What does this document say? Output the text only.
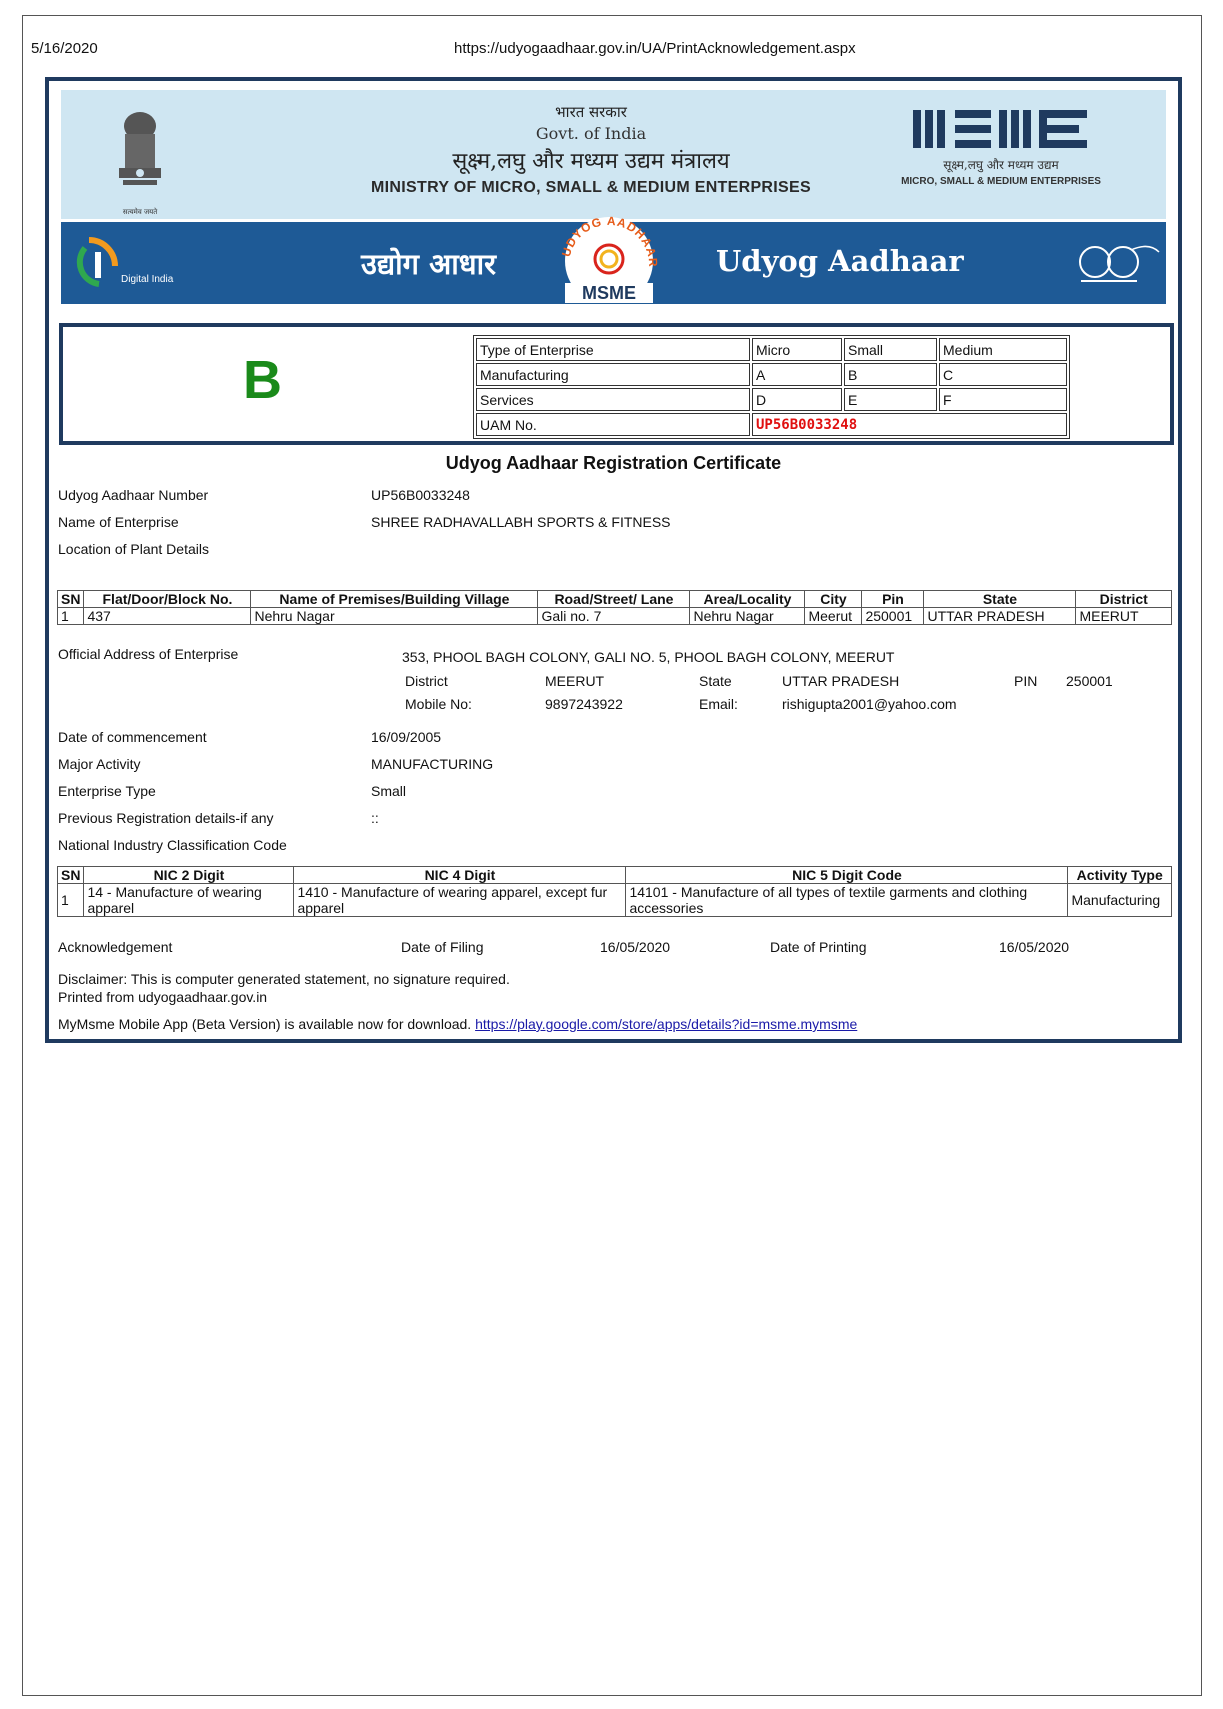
5/16/2020	https://udyogaadhaar.gov.in/UA/PrintAcknowledgement.aspx
सत्यमेव जयते
भारत सरकार
Govt. of India
सूक्ष्म,लघु और मध्यम उद्यम मंत्रालय
MINISTRY OF MICRO, SMALL & MEDIUM ENTERPRISES
सूक्ष्म,लघु और मध्यम उद्यम
MICRO, SMALL & MEDIUM ENTERPRISES
Digital India	उद्योग आधार	Udyog Aadhaar
UDYOG AADHAAR
MSME
B
Type of Enterprise	Micro	Small	Medium
Manufacturing	A	B	C
Services	D	E	F
UAM No.	UP56B0033248		
Udyog Aadhaar Registration Certificate
Udyog Aadhaar Number	UP56B0033248
Name of Enterprise	SHREE RADHAVALLABH SPORTS & FITNESS
Location of Plant Details
SN	Flat/Door/Block No.	Name of Premises/Building Village	Road/Street/ Lane	Area/Locality	City	Pin	State	District
1	437	Nehru Nagar	Gali no. 7	Nehru Nagar	Meerut	250001	UTTAR PRADESH	MEERUT
Official Address of Enterprise	353, PHOOL BAGH COLONY, GALI NO. 5, PHOOL BAGH COLONY, MEERUT
District	MEERUT	State	UTTAR PRADESH	PIN 250001
Mobile No:	9897243922	Email:	rishigupta2001@yahoo.com
Date of commencement	16/09/2005
Major Activity	MANUFACTURING
Enterprise Type	Small
Previous Registration details-if any	::
National Industry Classification Code
SN	NIC 2 Digit	NIC 4 Digit	NIC 5 Digit Code	Activity Type
1	14 - Manufacture of wearing apparel	1410 - Manufacture of wearing apparel, except fur apparel	14101 - Manufacture of all types of textile garments and clothing accessories	Manufacturing
Acknowledgement	Date of Filing	16/05/2020	Date of Printing	16/05/2020
Disclaimer: This is computer generated statement, no signature required.
Printed from udyogaadhaar.gov.in
MyMsme Mobile App (Beta Version) is available now for download. https://play.google.com/store/apps/details?id=msme.mymsme
